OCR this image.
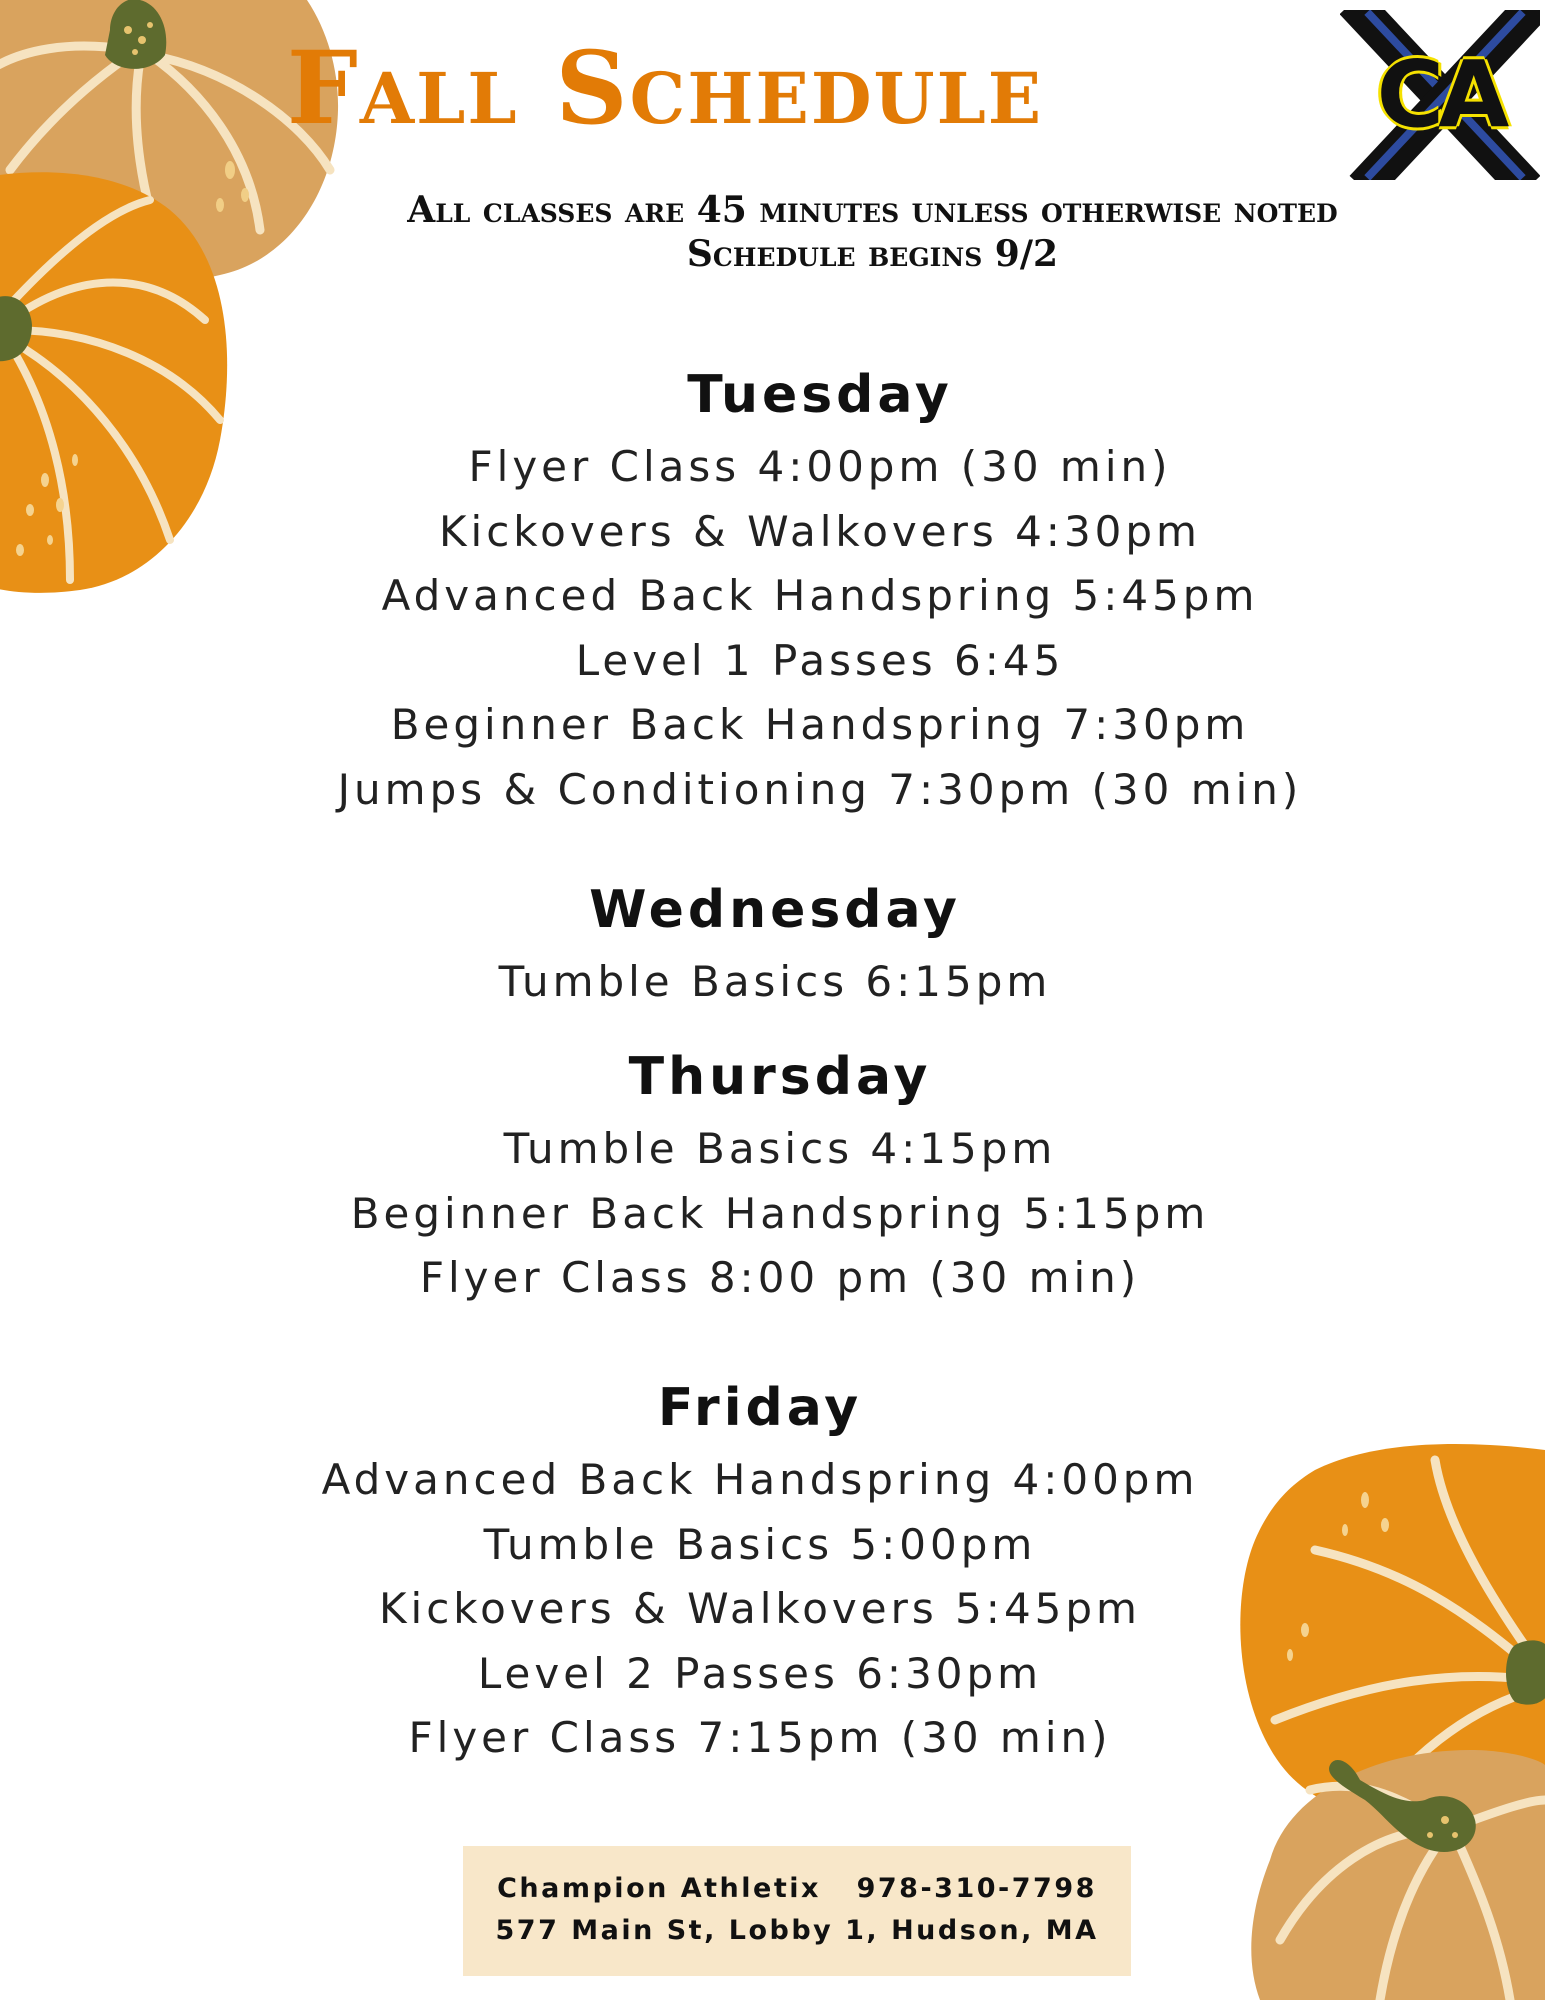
Fall Schedule	CA

All classes are 45 minutes unless otherwise noted

Schedule begins 9/2

Tuesday
Flyer Class 4:00pm (30 min)
Kickovers & Walkovers 4:30pm
Advanced Back Handspring 5:45pm
Level 1 Passes 6:45
Beginner Back Handspring 7:30pm
Jumps & Conditioning 7:30pm (30 min)
Wednesday
Tumble Basics 6:15pm
Thursday
Tumble Basics 4:15pm
Beginner Back Handspring 5:15pm
Flyer Class 8:00 pm (30 min)
Friday
Advanced Back Handspring 4:00pm
Tumble Basics 5:00pm
Kickovers & Walkovers 5:45pm
Level 2 Passes 6:30pm
Flyer Class 7:15pm (30 min)
Champion Athletix 978-310-7798
577 Main St, Lobby 1, Hudson, MA
